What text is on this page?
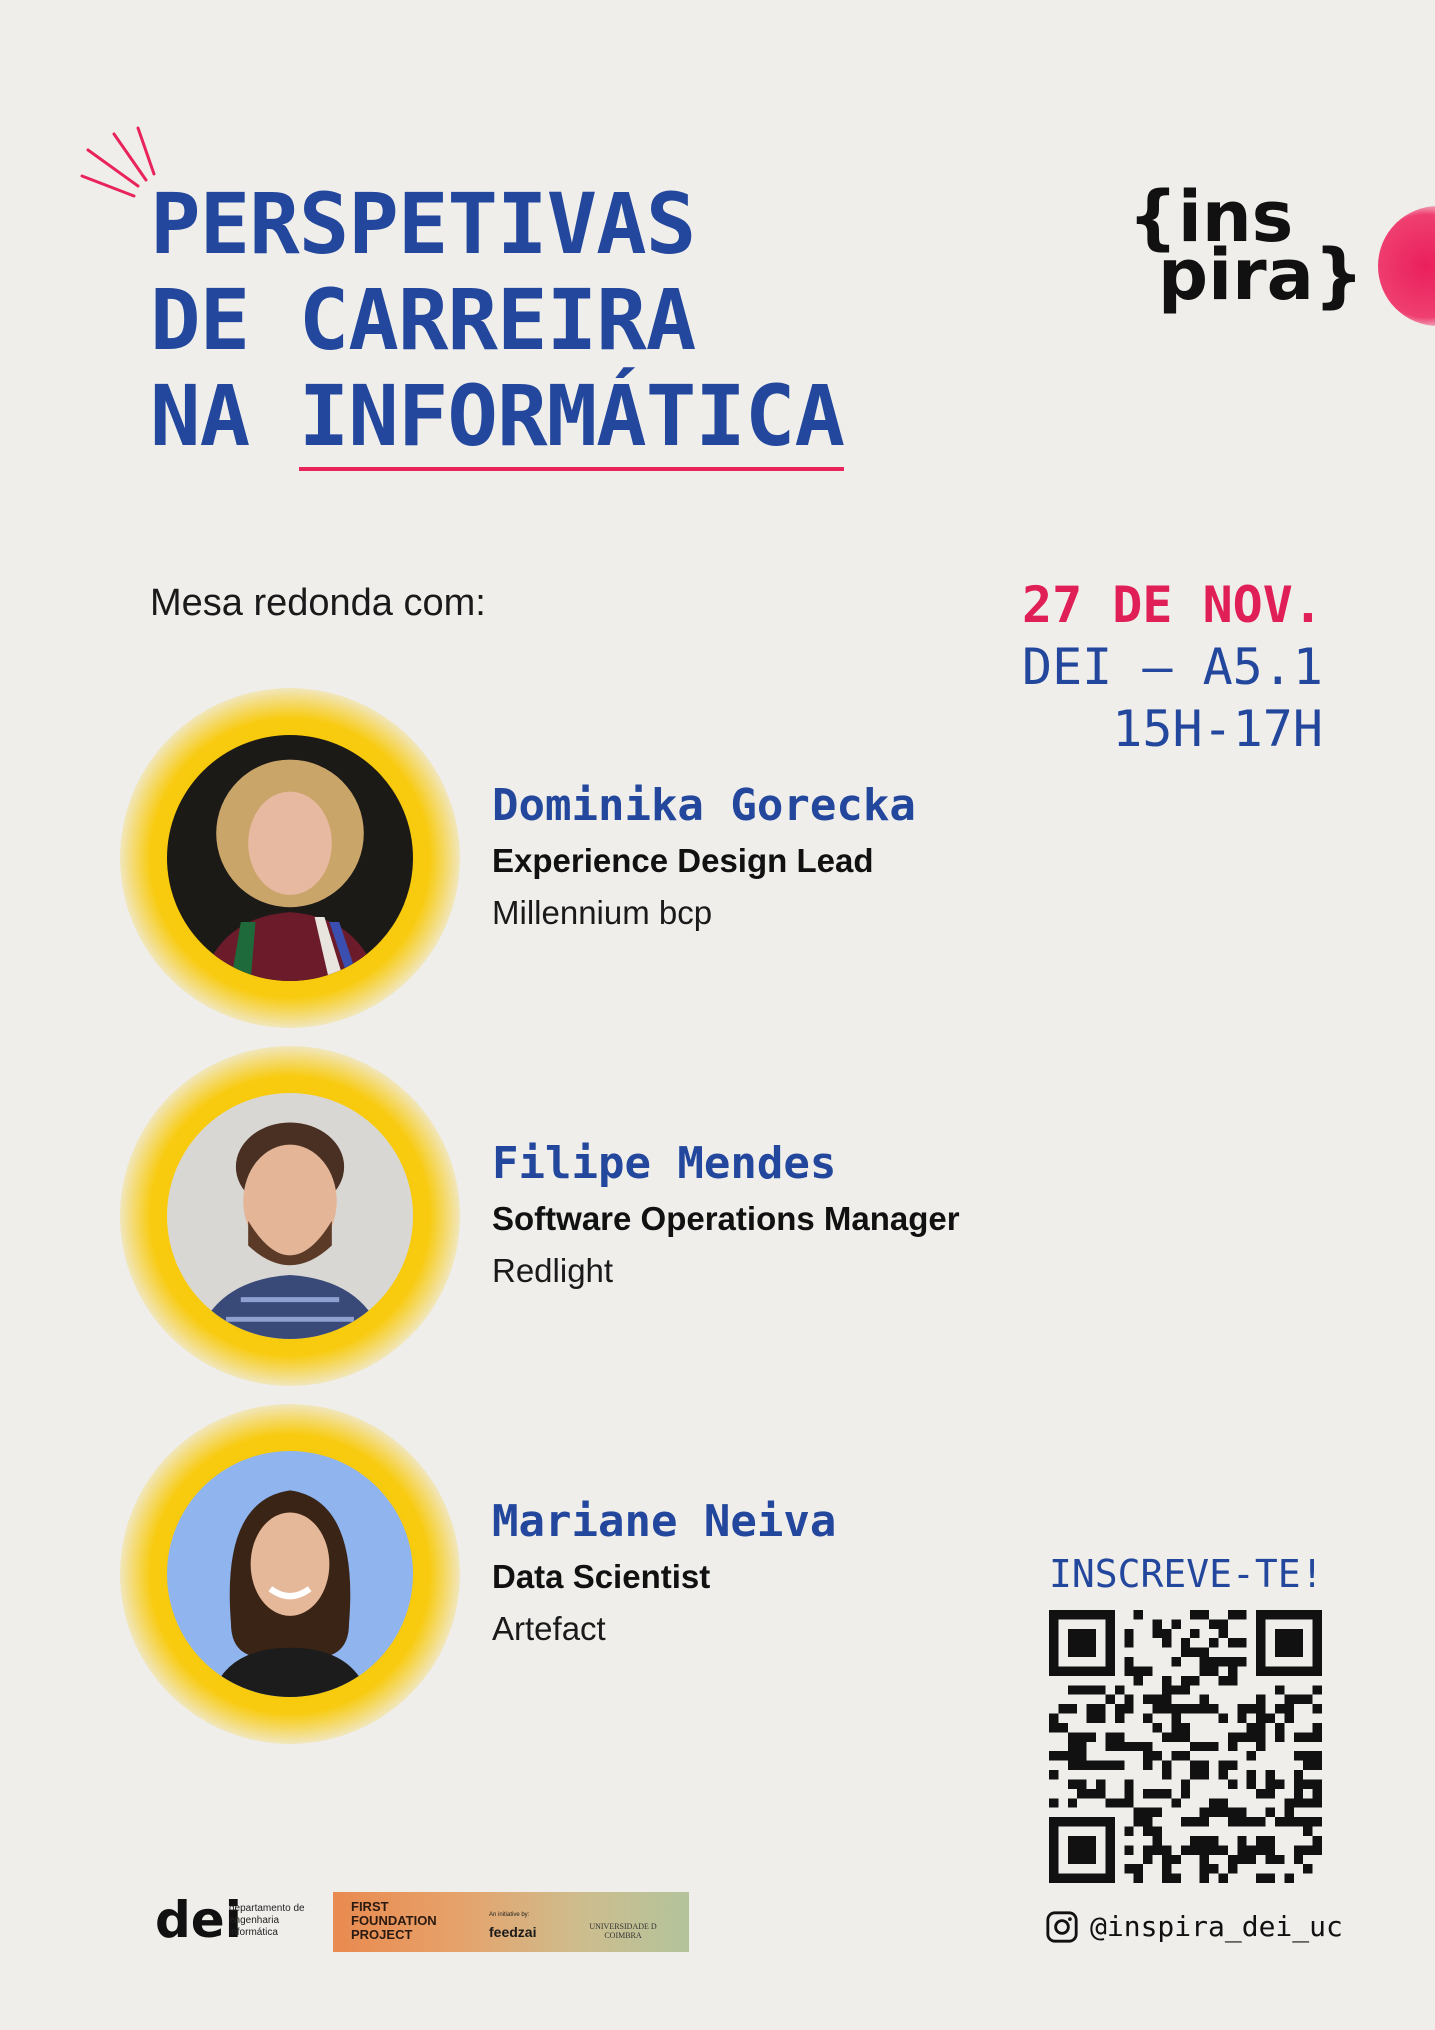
PERSPETIVAS
DE CARREIRA
NA INFORMÁTICA
{ins
pira}
Mesa redonda com:	27 DE NOV.
DEI — A5.1
15H-17H
Dominika Gorecka
Experience Design Lead
Millennium bcp
Filipe Mendes
Software Operations Manager
Redlight
Mariane Neiva
Data Scientist
Artefact
INSCREVE-TE!
@inspira_dei_uc
dei
departamento de engenharia informática
FIRST FOUNDATION PROJECT
An initiative by:
feedzai	UNIVERSIDADE D COIMBRA
